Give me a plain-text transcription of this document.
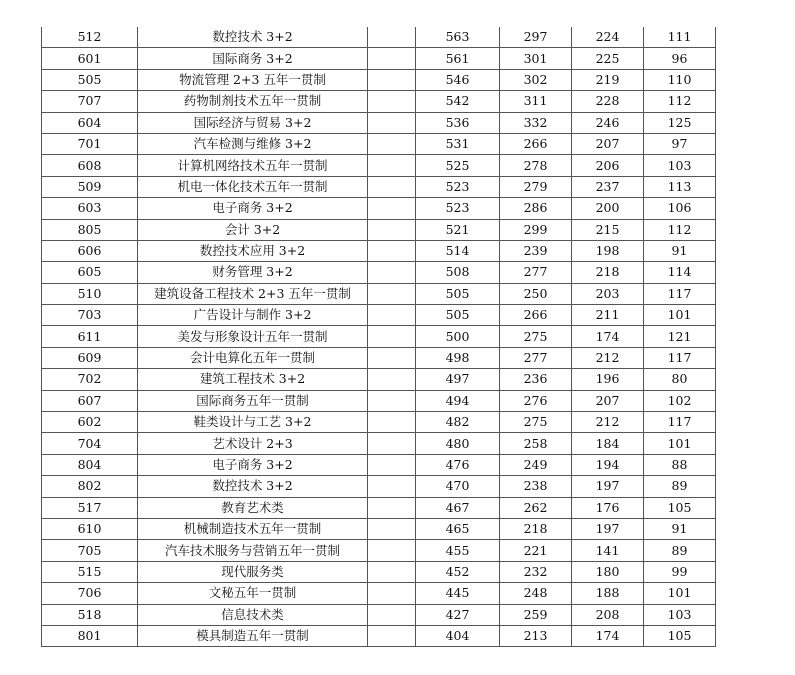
512	数控技术 3+2		563	297	224	111
601	国际商务 3+2		561	301	225	96
505	物流管理 2+3 五年一贯制		546	302	219	110
707	药物制剂技术五年一贯制		542	311	228	112
604	国际经济与贸易 3+2		536	332	246	125
701	汽车检测与维修 3+2		531	266	207	97
608	计算机网络技术五年一贯制		525	278	206	103
509	机电一体化技术五年一贯制		523	279	237	113
603	电子商务 3+2		523	286	200	106
805	会计 3+2		521	299	215	112
606	数控技术应用 3+2		514	239	198	91
605	财务管理 3+2		508	277	218	114
510	建筑设备工程技术 2+3 五年一贯制		505	250	203	117
703	广告设计与制作 3+2		505	266	211	101
611	美发与形象设计五年一贯制		500	275	174	121
609	会计电算化五年一贯制		498	277	212	117
702	建筑工程技术 3+2		497	236	196	80
607	国际商务五年一贯制		494	276	207	102
602	鞋类设计与工艺 3+2		482	275	212	117
704	艺术设计 2+3		480	258	184	101
804	电子商务 3+2		476	249	194	88
802	数控技术 3+2		470	238	197	89
517	教育艺术类		467	262	176	105
610	机械制造技术五年一贯制		465	218	197	91
705	汽车技术服务与营销五年一贯制		455	221	141	89
515	现代服务类		452	232	180	99
706	文秘五年一贯制		445	248	188	101
518	信息技术类		427	259	208	103
801	模具制造五年一贯制		404	213	174	105
